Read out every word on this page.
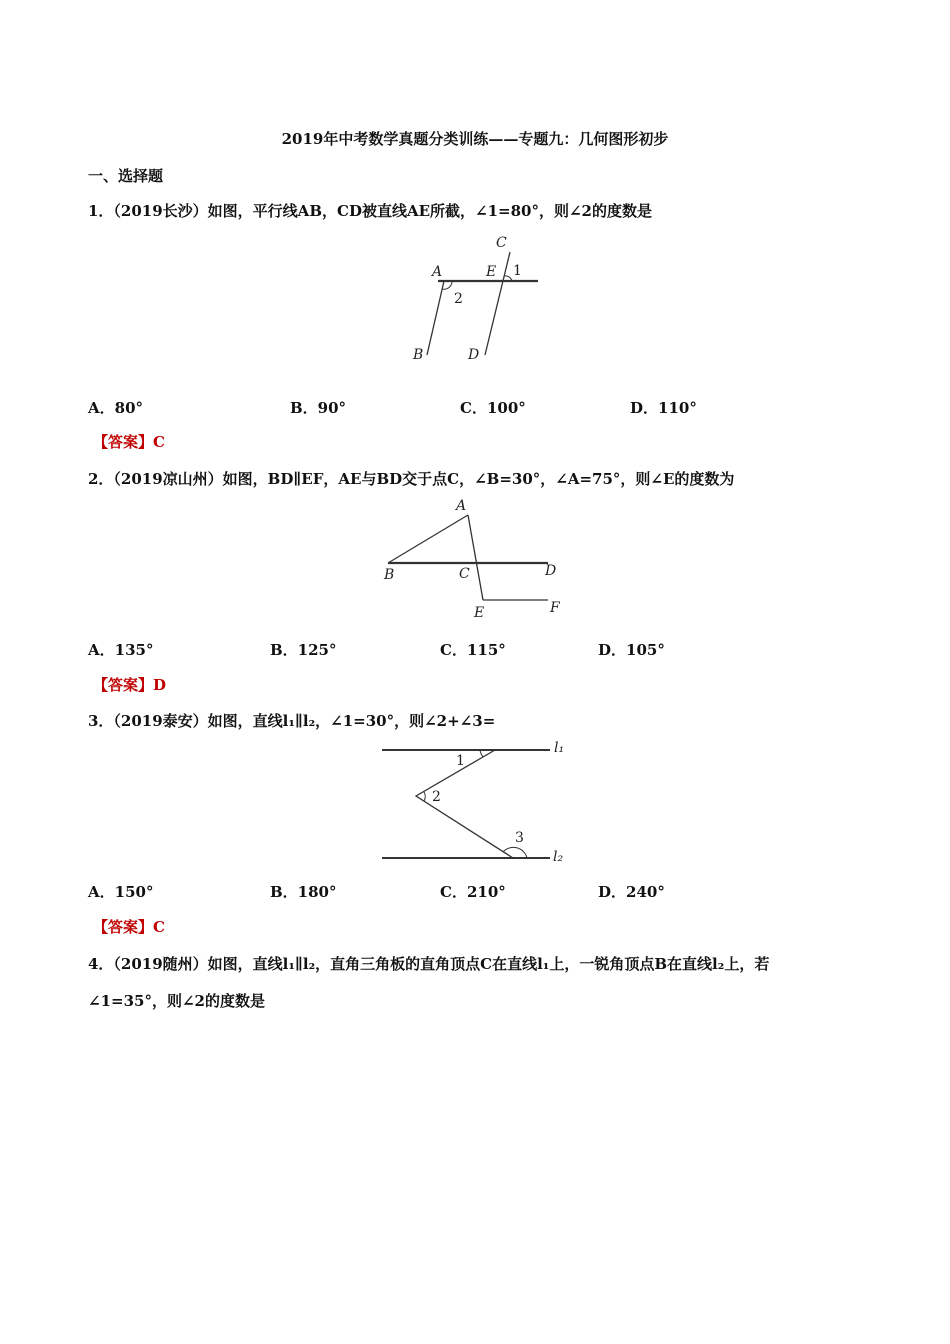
2019年中考数学真题分类训练——专题九：几何图形初步
一、选择题
1．（2019长沙）如图，平行线AB，CD被直线AE所截，∠1=80°，则∠2的度数是
A	E
C
1
2
B	D
A．80°	B．90°	C．100°	D．110°
【答案】C
2．（2019凉山州）如图，BD∥EF，AE与BD交于点C，∠B=30°，∠A=75°，则∠E的度数为
A
B	C	D
E	F
A．135°	B．125°	C．115°	D．105°
【答案】D
3．（2019泰安）如图，直线l₁∥l₂，∠1=30°，则∠2+∠3=
l₁
1
2
3
l₂
A．150°	B．180°	C．210°	D．240°
【答案】C
4．（2019随州）如图，直线l₁∥l₂，直角三角板的直角顶点C在直线l₁上，一锐角顶点B在直线l₂上，若
∠1=35°，则∠2的度数是
